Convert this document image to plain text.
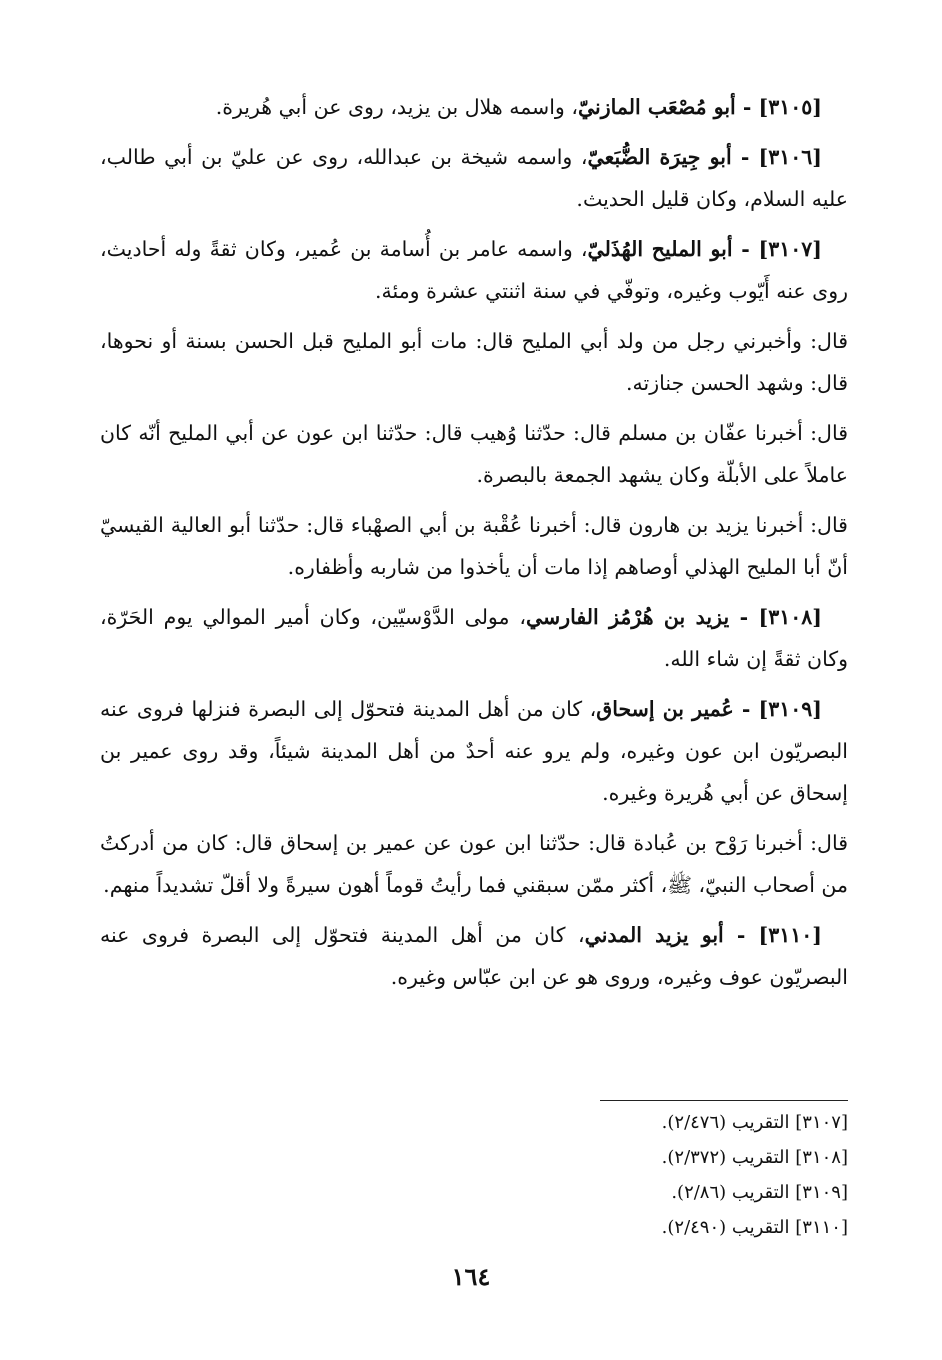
[٣١٠٥] - أبو مُصْعَب المازنيّ، واسمه هلال بن يزيد، روى عن أبي هُريرة.

[٣١٠٦] - أبو جِيرَة الضُّبَعيّ، واسمه شيخة بن عبدالله، روى عن عليّ بن أبي طالب، عليه السلام، وكان قليل الحديث.

[٣١٠٧] - أبو المليح الهُذَليّ، واسمه عامر بن أُسامة بن عُمير، وكان ثقةً وله أحاديث، روى عنه أَيّوب وغيره، وتوفّي في سنة اثنتي عشرة ومئة.

قال: وأخبرني رجل من ولد أبي المليح قال: مات أبو المليح قبل الحسن بسنة أو نحوها، قال: وشهد الحسن جنازته.

قال: أخبرنا عفّان بن مسلم قال: حدّثنا وُهيب قال: حدّثنا ابن عون عن أبي المليح أنّه كان عاملاً على الأبلّة وكان يشهد الجمعة بالبصرة.

قال: أخبرنا يزيد بن هارون قال: أخبرنا عُقْبة بن أبي الصهْباء قال: حدّثنا أبو العالية القيسيّ أنّ أبا المليح الهذلي أوصاهم إذا مات أن يأخذوا من شاربه وأظفاره.

[٣١٠٨] - يزيد بن هُرْمُز الفارسي، مولى الدَّوْسيّين، وكان أمير الموالي يوم الحَرّة، وكان ثقةً إن شاء الله.

[٣١٠٩] - عُمير بن إسحاق، كان من أهل المدينة فتحوّل إلى البصرة فنزلها فروى عنه البصريّون ابن عون وغيره، ولم يرو عنه أحدٌ من أهل المدينة شيئاً، وقد روى عمير بن إسحاق عن أبي هُريرة وغيره.

قال: أخبرنا رَوْح بن عُبادة قال: حدّثنا ابن عون عن عمير بن إسحاق قال: كان من أدركتُ من أصحاب النبيّ، ﷺ، أكثر ممّن سبقني فما رأيتُ قوماً أهون سيرةً ولا أقلّ تشديداً منهم.

[٣١١٠] - أبو يزيد المدني، كان من أهل المدينة فتحوّل إلى البصرة فروى عنه البصريّون عوف وغيره، وروى هو عن ابن عبّاس وغيره.

[٣١٠٧] التقريب (٢/٤٧٦).
[٣١٠٨] التقريب (٢/٣٧٢).
[٣١٠٩] التقريب (٢/٨٦).
[٣١١٠] التقريب (٢/٤٩٠).
١٦٤
